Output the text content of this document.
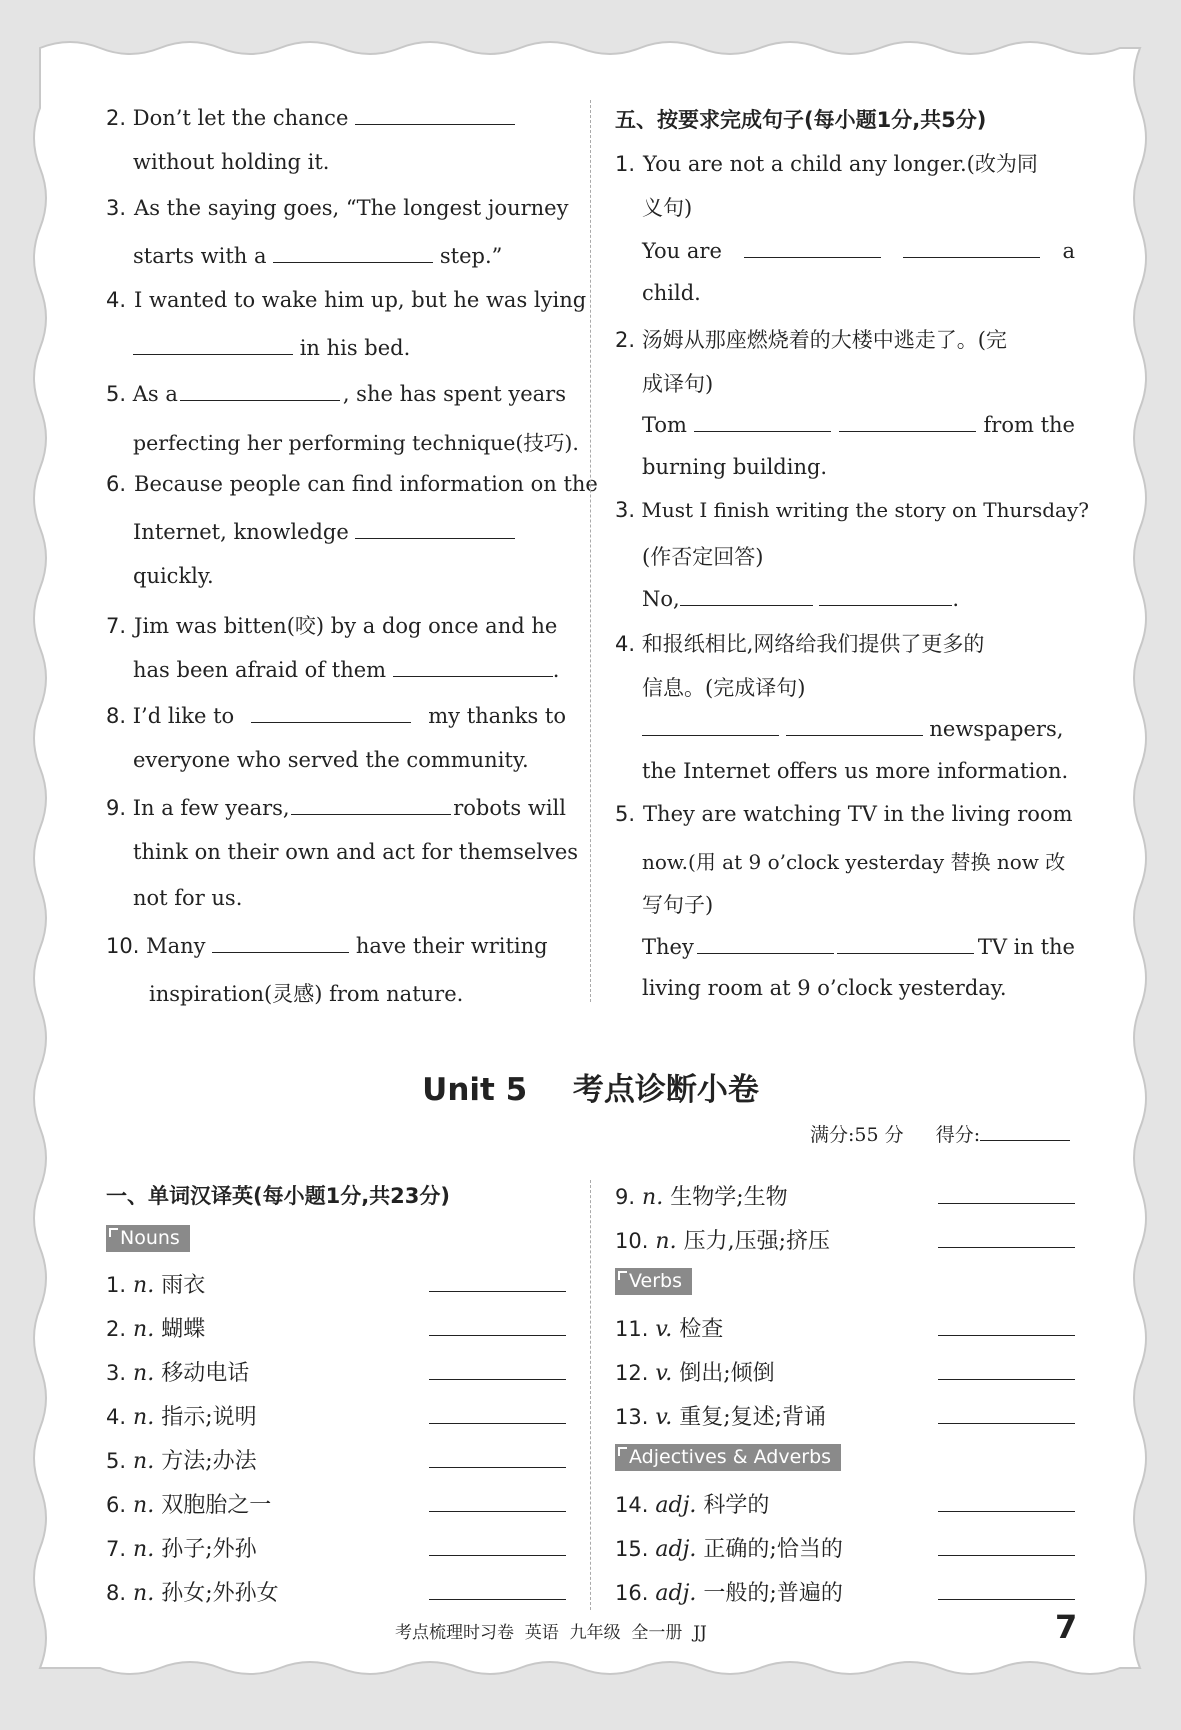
2. Don’t let the chance
without holding it.
3. As the saying goes, “The longest journey
starts with a	step.”
4. I wanted to wake him up, but he was lying
in his bed.
5. As a	, she has spent years
perfecting her performing technique(技巧).
6. Because people can find information on the
Internet, knowledge
quickly.
7. Jim was bitten(咬) by a dog once and he
has been afraid of them	.
8. I’d like to	my thanks to
everyone who served the community.
9. In a few years,	robots will
think on their own and act for themselves
not for us.
10. Many	have their writing
inspiration(灵感) from nature.
五、按要求完成句子(每小题1分,共5分)
1. You are not a child any longer.(改为同
义句)
You are	a
child.
2. 汤姆从那座燃烧着的大楼中逃走了。(完
成译句)
Tom	from the
burning building.
3. Must I finish writing the story on Thursday?
(作否定回答)
No,	.
4. 和报纸相比,网络给我们提供了更多的
信息。(完成译句)
newspapers,
the Internet offers us more information.
5. They are watching TV in the living room
now.(用 at 9 o’clock yesterday 替换 now 改
写句子)
They	TV in the
living room at 9 o’clock yesterday.
Unit 5 考点诊断小卷
满分:55 分 得分:
一、单词汉译英(每小题1分,共23分)
Nouns
1. n. 雨衣
2. n. 蝴蝶
3. n. 移动电话
4. n. 指示;说明
5. n. 方法;办法
6. n. 双胞胎之一
7. n. 孙子;外孙
8. n. 孙女;外孙女
9. n. 生物学;生物
10. n. 压力,压强;挤压
Verbs
11. v. 检查
12. v. 倒出;倾倒
13. v. 重复;复述;背诵
Adjectives & Adverbs
14. adj. 科学的
15. adj. 正确的;恰当的
16. adj. 一般的;普遍的
考点梳理时习卷  英语  九年级  全一册  JJ	7
